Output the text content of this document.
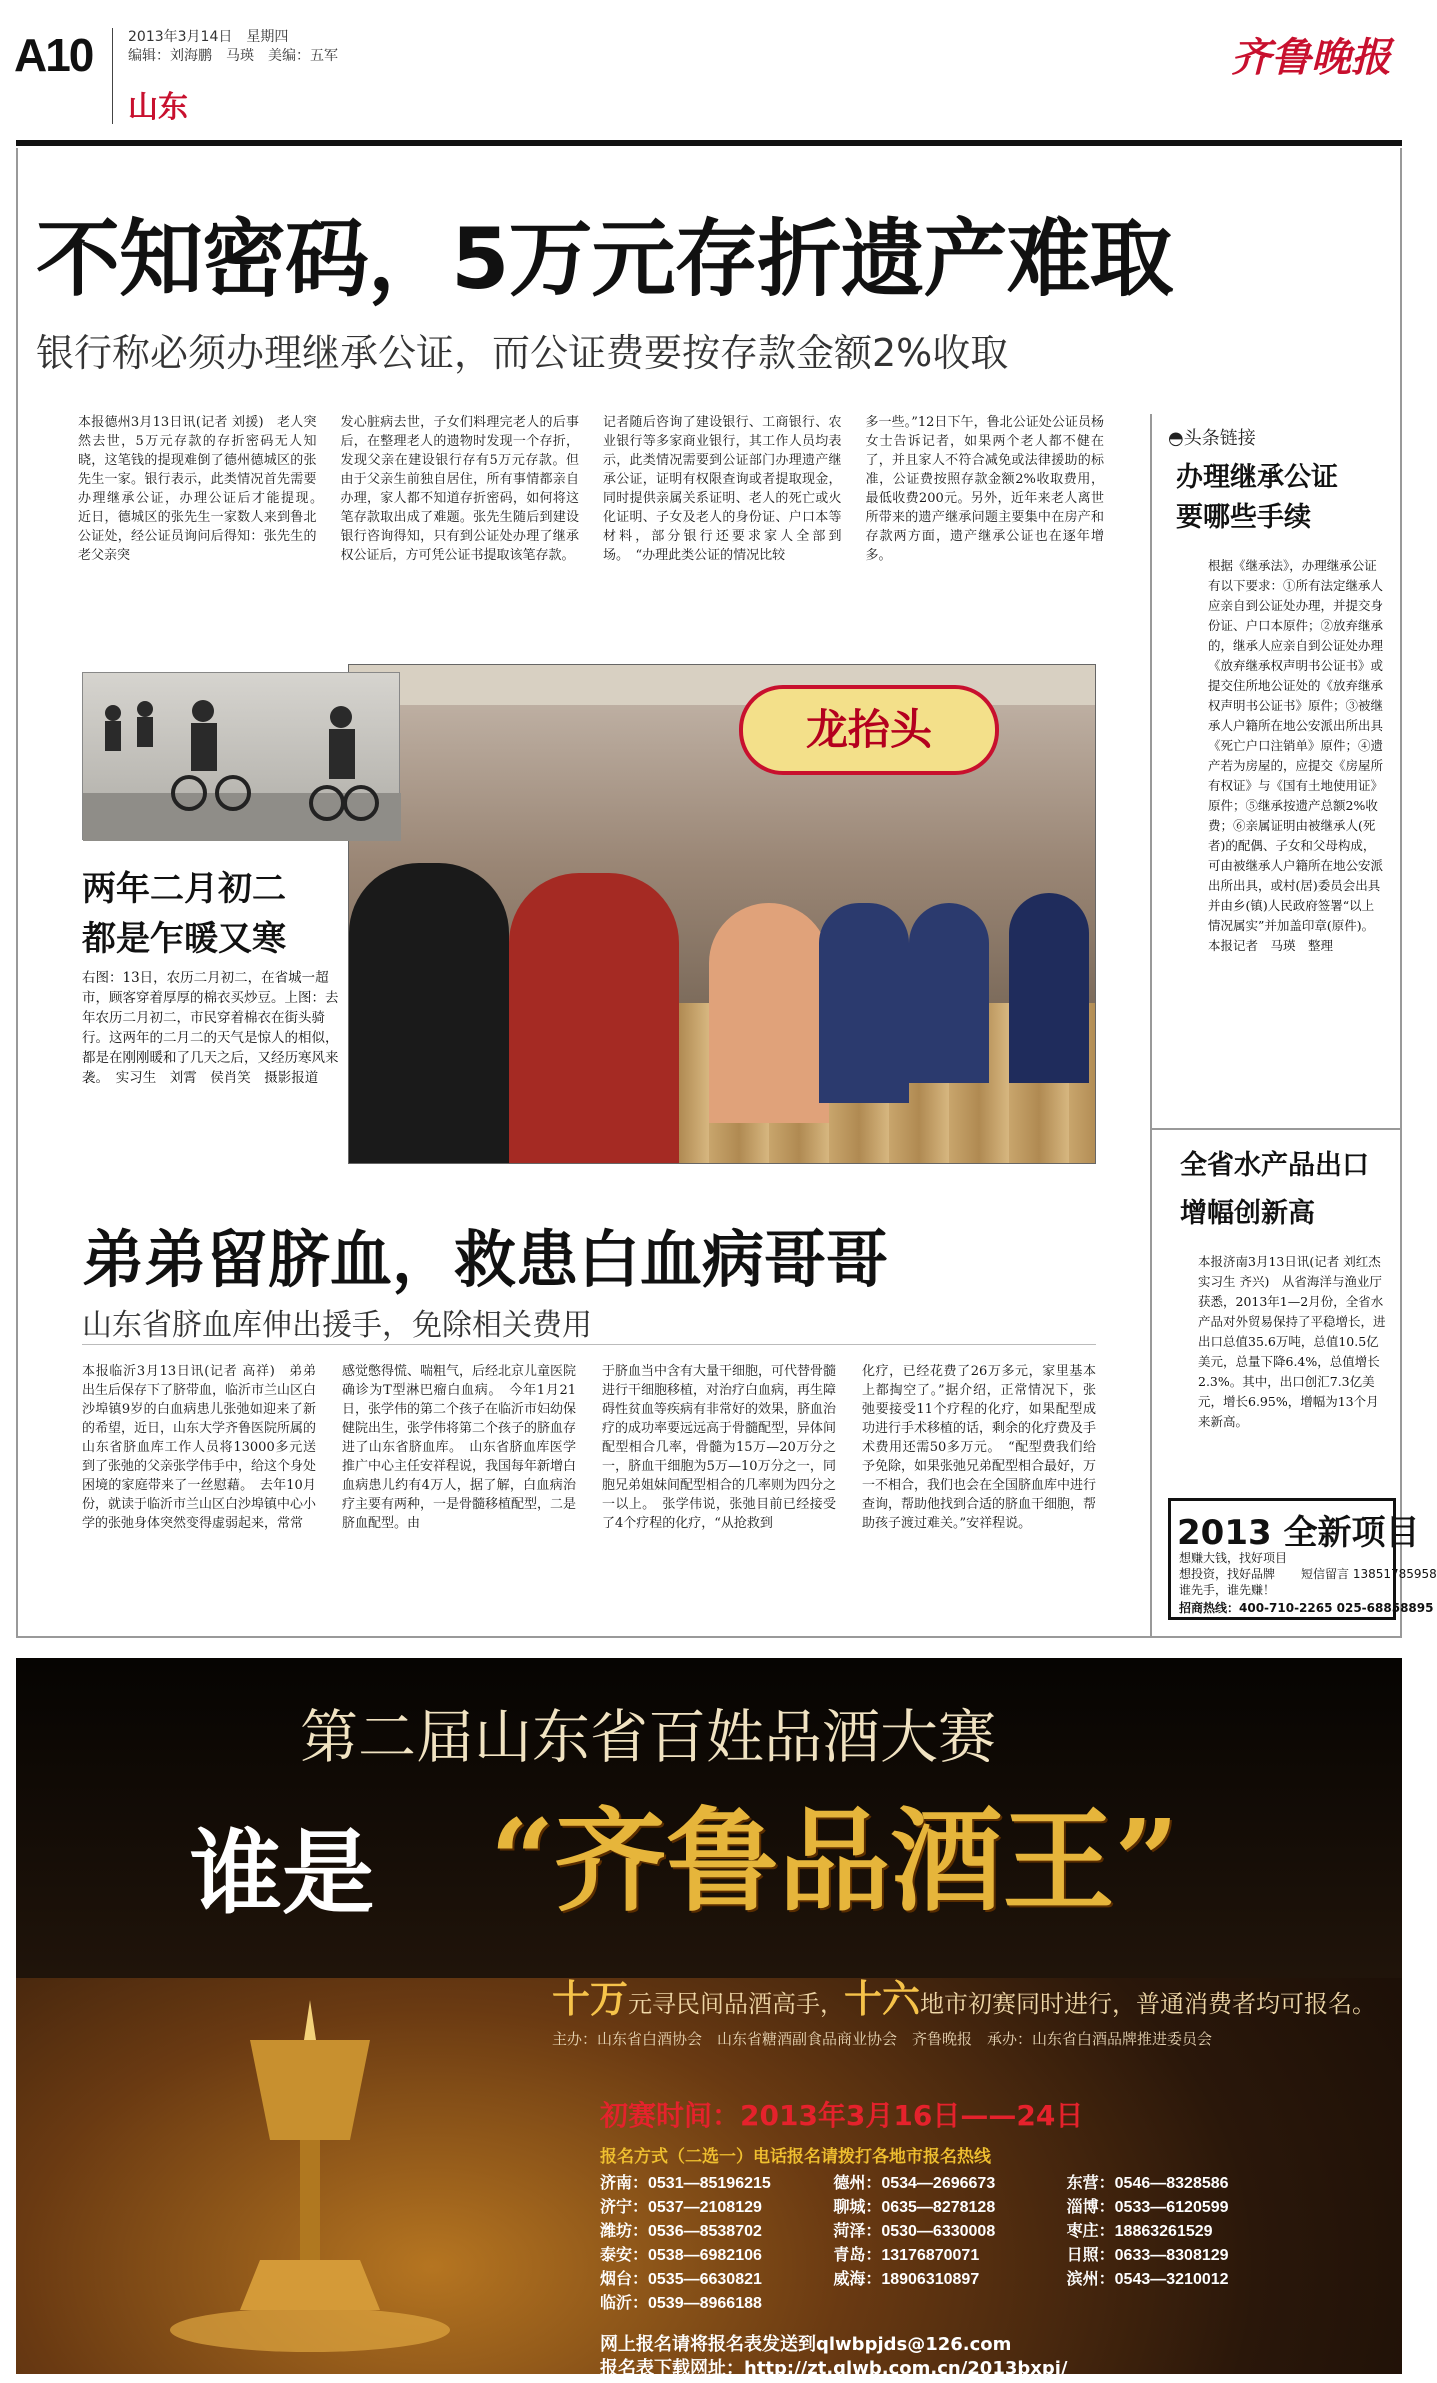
A10	2013年3月14日　星期四
编辑：刘海鹏　马瑛　美编：五军
山东
齐鲁晚报
不知密码，5万元存折遗产难取
银行称必须办理继承公证，而公证费要按存款金额2%收取
本报德州3月13日讯(记者 刘援)　老人突然去世，5万元存款的存折密码无人知晓，这笔钱的提现难倒了德州德城区的张先生一家。银行表示，此类情况首先需要办理继承公证，办理公证后才能提现。　近日，德城区的张先生一家数人来到鲁北公证处，经公证员询问后得知：张先生的老父亲突
发心脏病去世，子女们料理完老人的后事后，在整理老人的遗物时发现一个存折，发现父亲在建设银行存有5万元存款。但由于父亲生前独自居住，所有事情都亲自办理，家人都不知道存折密码，如何将这笔存款取出成了难题。张先生随后到建设银行咨询得知，只有到公证处办理了继承权公证后，方可凭公证书提取该笔存款。
记者随后咨询了建设银行、工商银行、农业银行等多家商业银行，其工作人员均表示，此类情况需要到公证部门办理遗产继承公证，证明有权限查询或者提取现金，同时提供亲属关系证明、老人的死亡或火化证明、子女及老人的身份证、户口本等材料，部分银行还要求家人全部到场。　“办理此类公证的情况比较
多一些。”12日下午，鲁北公证处公证员杨女士告诉记者，如果两个老人都不健在了，并且家人不符合减免或法律援助的标准，公证费按照存款金额2%收取费用，最低收费200元。另外，近年来老人离世所带来的遗产继承问题主要集中在房产和存款两方面，遗产继承公证也在逐年增多。
◓头条链接
办理继承公证
要哪些手续
根据《继承法》，办理继承公证有以下要求：①所有法定继承人应亲自到公证处办理，并提交身份证、户口本原件；②放弃继承的，继承人应亲自到公证处办理《放弃继承权声明书公证书》或提交住所地公证处的《放弃继承权声明书公证书》原件；③被继承人户籍所在地公安派出所出具《死亡户口注销单》原件；④遗产若为房屋的，应提交《房屋所有权证》与《国有土地使用证》原件；⑤继承按遗产总额2%收费；⑥亲属证明由被继承人(死者)的配偶、子女和父母构成，可由被继承人户籍所在地公安派出所出具，或村(居)委员会出具并由乡(镇)人民政府签署“以上情况属实”并加盖印章(原件)。　本报记者　马瑛　整理
全省水产品出口
增幅创新高
本报济南3月13日讯(记者 刘红杰 实习生 齐兴)　从省海洋与渔业厅获悉，2013年1—2月份，全省水产品对外贸易保持了平稳增长，进出口总值35.6万吨，总值10.5亿美元，总量下降6.4%，总值增长2.3%。其中，出口创汇7.3亿美元，增长6.95%，增幅为13个月来新高。
2013 全新项目
想赚大钱，找好项目
想投资，找好品牌
谁先手，谁先赚！
短信留言 13851785958
招商热线：400-710-2265 025-68858895
龙抬头
两年二月初二
都是乍暖又寒
右图：13日，农历二月初二，在省城一超市，顾客穿着厚厚的棉衣买炒豆。上图：去年农历二月初二，市民穿着棉衣在街头骑行。这两年的二月二的天气是惊人的相似，都是在刚刚暖和了几天之后，又经历寒风来袭。　实习生　刘霄　侯肖笑　摄影报道
弟弟留脐血，救患白血病哥哥
山东省脐血库伸出援手，免除相关费用
本报临沂3月13日讯(记者 高祥)　弟弟出生后保存下了脐带血，临沂市兰山区白沙埠镇9岁的白血病患儿张弛如迎来了新的希望，近日，山东大学齐鲁医院所属的山东省脐血库工作人员将13000多元送到了张弛的父亲张学伟手中，给这个身处困境的家庭带来了一丝慰藉。　去年10月份，就读于临沂市兰山区白沙埠镇中心小学的张弛身体突然变得虚弱起来，常常
感觉憋得慌、喘粗气，后经北京儿童医院确诊为T型淋巴瘤白血病。　今年1月21日，张学伟的第二个孩子在临沂市妇幼保健院出生，张学伟将第二个孩子的脐血存进了山东省脐血库。　山东省脐血库医学推广中心主任安祥程说，我国每年新增白血病患儿约有4万人，据了解，白血病治疗主要有两种，一是骨髓移植配型，二是脐血配型。由
于脐血当中含有大量干细胞，可代替骨髓进行干细胞移植，对治疗白血病，再生障碍性贫血等疾病有非常好的效果，脐血治疗的成功率要远远高于骨髓配型，异体间配型相合几率，骨髓为15万—20万分之一，脐血干细胞为5万—10万分之一，同胞兄弟姐妹间配型相合的几率则为四分之一以上。　张学伟说，张弛目前已经接受了4个疗程的化疗，“从抢救到
化疗，已经花费了26万多元，家里基本上都掏空了。”据介绍，正常情况下，张弛要接受11个疗程的化疗，如果配型成功进行手术移植的话，剩余的化疗费及手术费用还需50多万元。　“配型费我们给予免除，如果张弛兄弟配型相合最好，万一不相合，我们也会在全国脐血库中进行查询，帮助他找到合适的脐血干细胞，帮助孩子渡过难关。”安祥程说。
第二届山东省百姓品酒大赛
谁是 “齐鲁品酒王”
十万元寻民间品酒高手，十六地市初赛同时进行，普通消费者均可报名。
主办：山东省白酒协会　山东省糖酒副食品商业协会　齐鲁晚报　承办：山东省白酒品牌推进委员会
初赛时间：2013年3月16日——24日
报名方式（二选一）电话报名请拨打各地市报名热线
济南：0531—85196215	德州：0534—2696673	东营：0546—8328586
济宁：0537—2108129	聊城：0635—8278128	淄博：0533—6120599
潍坊：0536—8538702	菏泽：0530—6330008	枣庄：18863261529
泰安：0538—6982106	青岛：13176870071	日照：0633—8308129
烟台：0535—6630821	威海：18906310897	滨州：0543—3210012
临沂：0539—8966188
网上报名请将报名表发送到qlwbpjds@126.com
报名表下载网址：http://zt.qlwb.com.cn/2013bxpj/
